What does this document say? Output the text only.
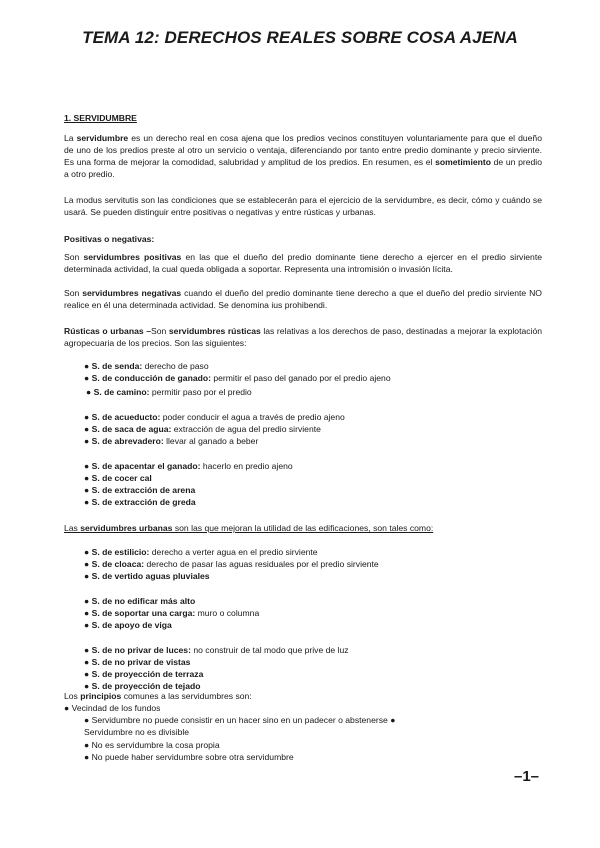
TEMA 12: DERECHOS REALES SOBRE COSA AJENA
1. SERVIDUMBRE
La servidumbre es un derecho real en cosa ajena que los predios vecinos constituyen voluntariamente para que el dueño de uno de los predios preste al otro un servicio o ventaja, diferenciando por tanto entre predio dominante y precio sirviente. Es una forma de mejorar la comodidad, salubridad y amplitud de los predios. En resumen, es el sometimiento de un predio a otro predio.
La modus servitutis son las condiciones que se establecerán para el ejercicio de la servidumbre, es decir, cómo y cuándo se usará. Se pueden distinguir entre positivas o negativas y entre rústicas y urbanas.
Positivas o negativas:
Son servidumbres positivas en las que el dueño del predio dominante tiene derecho a ejercer en el predio sirviente determinada actividad, la cual queda obligada a soportar. Representa una intromisión o invasión lícita.
Son servidumbres negativas cuando el dueño del predio dominante tiene derecho a que el dueño del predio sirviente NO realice en él una determinada actividad. Se denomina ius prohibendi.
Rústicas o urbanas –Son servidumbres rústicas las relativas a los derechos de paso, destinadas a mejorar la explotación agropecuaria de los precios. Son las siguientes:
● S. de senda: derecho de paso
● S. de conducción de ganado: permitir el paso del ganado por el predio ajeno
● S. de camino: permitir paso por el predio
● S. de acueducto: poder conducir el agua a través de predio ajeno
● S. de saca de agua: extracción de agua del predio sirviente
● S. de abrevadero: llevar al ganado a beber
● S. de apacentar el ganado: hacerlo en predio ajeno
● S. de cocer cal
● S. de extracción de arena
● S. de extracción de greda
Las servidumbres urbanas son las que mejoran la utilidad de las edificaciones, son tales como:
● S. de estilicio: derecho a verter agua en el predio sirviente
● S. de cloaca: derecho de pasar las aguas residuales por el predio sirviente
● S. de vertido aguas pluviales
● S. de no edificar más alto
● S. de soportar una carga: muro o columna
● S. de apoyo de viga
● S. de no privar de luces: no construir de tal modo que prive de luz
● S. de no privar de vistas
● S. de proyección de terraza
● S. de proyección de tejado
Los principios comunes a las servidumbres son:
● Vecindad de los fundos
● Servidumbre no puede consistir en un hacer sino en un padecer o abstenerse ●
Servidumbre no es divisible
● No es servidumbre la cosa propia
● No puede haber servidumbre sobre otra servidumbre
–1–
